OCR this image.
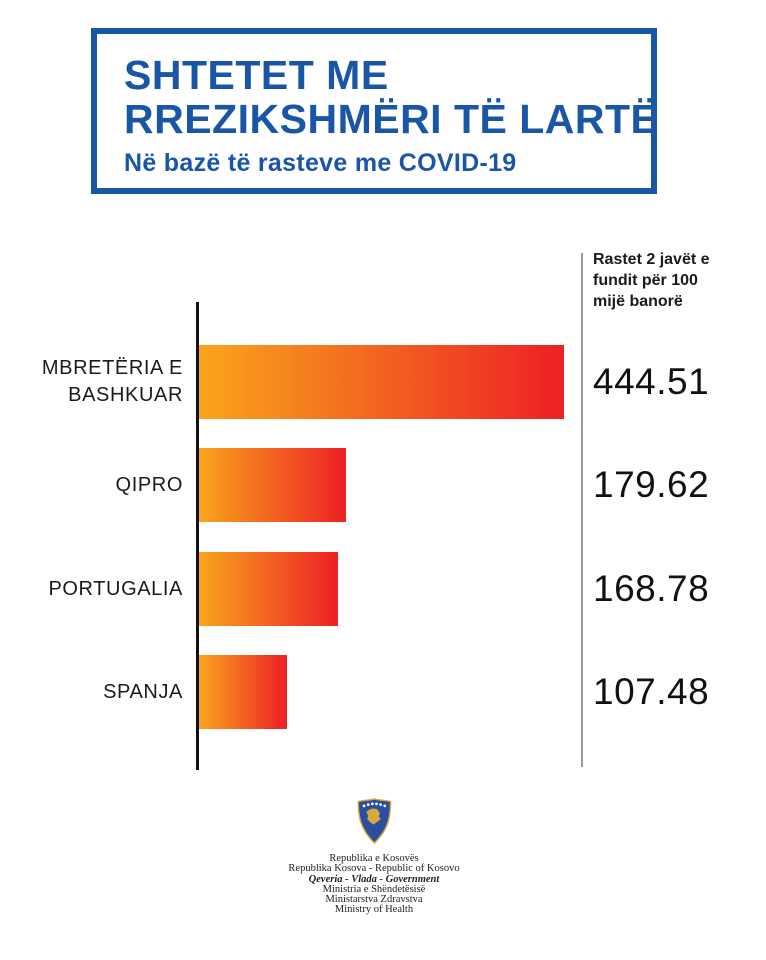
SHTETET ME
RREZIKSHMËRI TË LARTË
Në bazë të rasteve me COVID-19
Rastet 2 javët e fundit për 100 mijë banorë
MBRETËRIA E BASHKUAR	444.51
QIPRO	179.62
PORTUGALIA	168.78
SPANJA	107.48
Republika e Kosovës
Republika Kosova - Republic of Kosovo
Qeveria - Vlada - Government
Ministria e Shëndetësisë
Ministarstva Zdravstva
Ministry of Health
